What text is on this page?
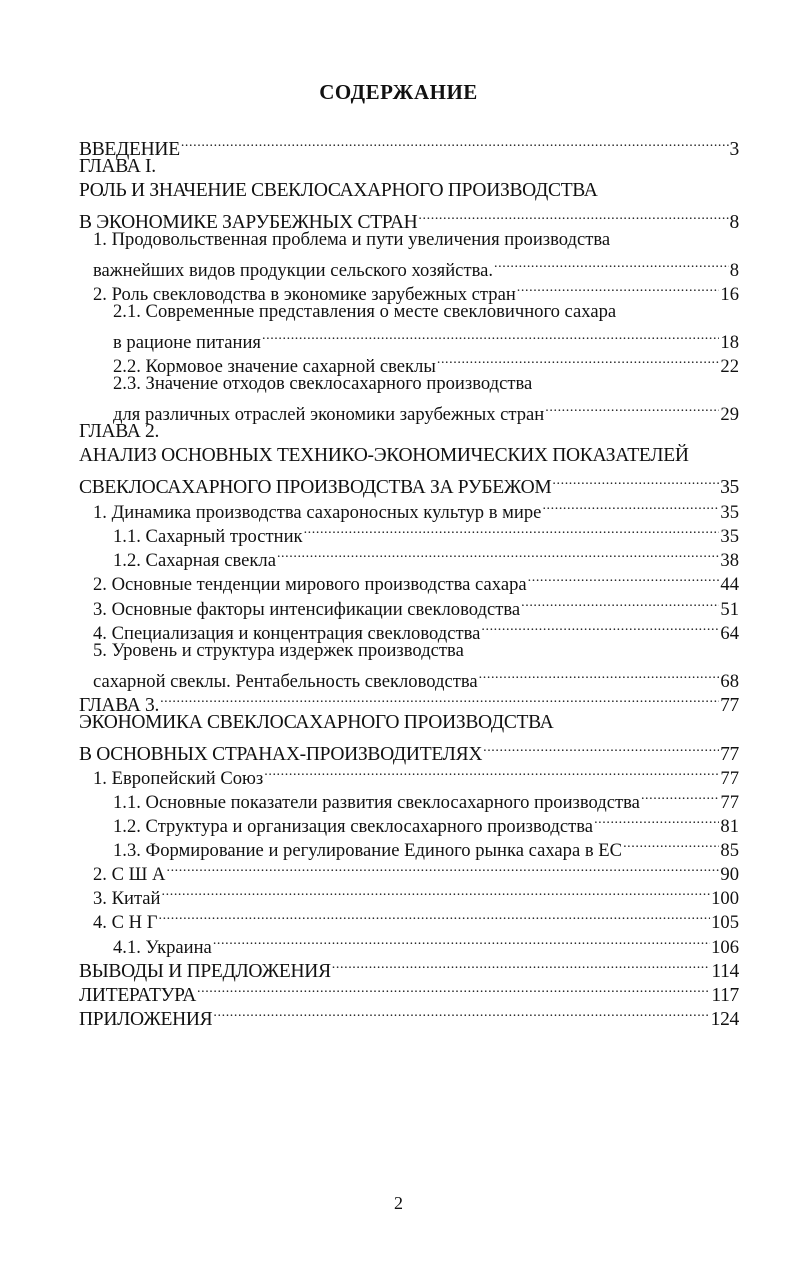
СОДЕРЖАНИЕ
ВВЕДЕНИЕ .....	3
ГЛАВА I.
РОЛЬ И ЗНАЧЕНИЕ СВЕКЛОСАХАРНОГО ПРОИЗВОДСТВА
В ЭКОНОМИКЕ ЗАРУБЕЖНЫХ СТРАН .....	8
1. Продовольственная проблема и пути увеличения производства
важнейших видов продукции сельского хозяйства. .....	8
2. Роль свекловодства в экономике зарубежных стран .....	16
2.1. Современные представления о месте свекловичного сахара
в рационе питания .....	18
2.2. Кормовое значение сахарной свеклы .....	22
2.3. Значение отходов свеклосахарного производства
для различных отраслей экономики зарубежных стран .....	29
ГЛАВА 2.
АНАЛИЗ ОСНОВНЫХ ТЕХНИКО-ЭКОНОМИЧЕСКИХ ПОКАЗАТЕЛЕЙ
СВЕКЛОСАХАРНОГО ПРОИЗВОДСТВА ЗА РУБЕЖОМ .....	35
1. Динамика производства сахароносных культур в мире .....	35
1.1. Сахарный тростник .....	35
1.2. Сахарная свекла .....	38
2. Основные тенденции мирового производства сахара .....	44
3. Основные факторы интенсификации свекловодства .....	51
4. Специализация и концентрация свекловодства .....	64
5. Уровень и структура издержек производства
сахарной свеклы. Рентабельность свекловодства .....	68
ГЛАВА 3. .....	77
ЭКОНОМИКА СВЕКЛОСАХАРНОГО ПРОИЗВОДСТВА
В ОСНОВНЫХ СТРАНАХ-ПРОИЗВОДИТЕЛЯХ .....	77
1. Европейский Союз .....	77
1.1. Основные показатели развития свеклосахарного производства .....	77
1.2. Структура и организация свеклосахарного производства .....	81
1.3. Формирование и регулирование Единого рынка сахара в ЕС .....	85
2. С Ш А .....	90
3. Китай .....	100
4. С Н Г .....	105
4.1. Украина .....	106
ВЫВОДЫ И ПРЕДЛОЖЕНИЯ .....	114
ЛИТЕРАТУРА .....	117
ПРИЛОЖЕНИЯ .....	124
2
